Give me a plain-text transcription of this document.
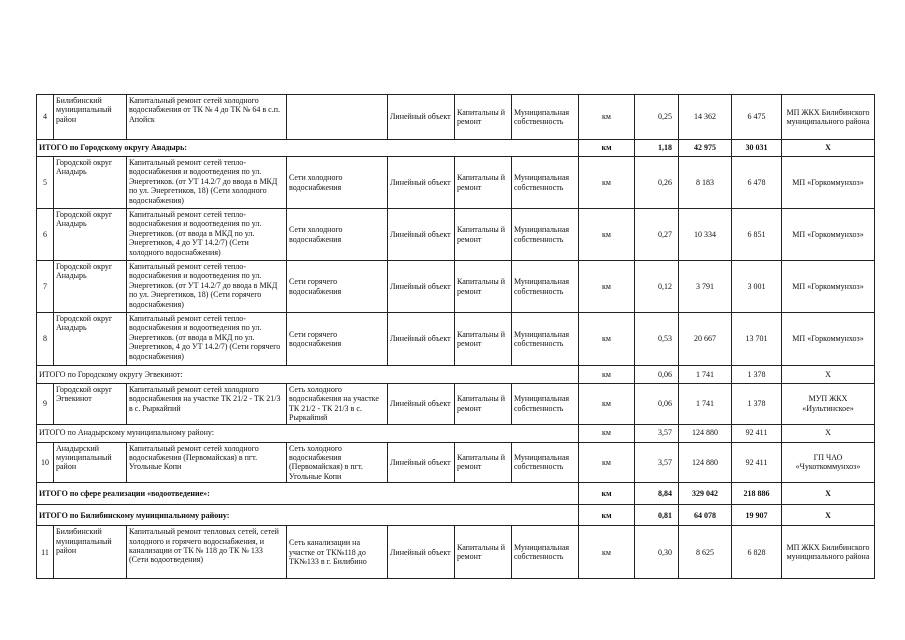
4	Билибинский муниципальный район	Капитальный ремонт сетей холодного водоснабжения от ТК № 4 до ТК № 64 в с.п. Апойск		Линейный объект	Капитальны й ремонт	Муниципальная собственность	км	0,25	14 362	6 475	МП ЖКХ Билибинского муниципального района
ИТОГО по Городскому округу Анадырь:							км	1,18	42 975	30 031	Х
5	Городской округ Анадырь	Капитальный ремонт сетей тепло-водоснабжения и водоотведения по ул. Энергетиков. (от УТ 14.2/7 до ввода в МКД по ул. Энергетиков, 18) (Сети холодного водоснабжения)	Сети холодного водоснабжения	Линейный объект	Капитальны й ремонт	Муниципальная собственность	км	0,26	8 183	6 478	МП «Горкоммунхоз»
6	Городской округ Анадырь	Капитальный ремонт сетей тепло-водоснабжения и водоотведения по ул. Энергетиков. (от ввода в МКД по ул. Энергетиков, 4 до УТ 14.2/7) (Сети холодного водоснабжения)	Сети холодного водоснабжения	Линейный объект	Капитальны й ремонт	Муниципальная собственность	км	0,27	10 334	6 851	МП «Горкоммунхоз»
7	Городской округ Анадырь	Капитальный ремонт сетей тепло-водоснабжения и водоотведения по ул. Энергетиков. (от УТ 14.2/7 до ввода в МКД по ул. Энергетиков, 18) (Сети горячего водоснабжения)	Сети горячего водоснабжения	Линейный объект	Капитальны й ремонт	Муниципальная собственность	км	0,12	3 791	3 001	МП «Горкоммунхоз»
8	Городской округ Анадырь	Капитальный ремонт сетей тепло-водоснабжения и водоотведения по ул. Энергетиков. (от ввода в МКД по ул. Энергетиков, 4 до УТ 14.2/7) (Сети горячего водоснабжения)	Сети горячего водоснабжения	Линейный объект	Капитальны й ремонт	Муниципальная собственность	км	0,53	20 667	13 701	МП «Горкоммунхоз»
ИТОГО по Городскому округу Эгвекинот:							км	0,06	1 741	1 378	Х
9	Городской округ Эгвекинот	Капитальный ремонт сетей холодного водоснабжения на участке ТК 21/2 - ТК 21/3 в с. Рыркайпий	Сеть холодного водоснабжения на участке ТК 21/2 - ТК 21/3 в с. Рыркайпий	Линейный объект	Капитальны й ремонт	Муниципальная собственность	км	0,06	1 741	1 378	МУП ЖКХ «Иультинское»
ИТОГО по Анадырскому муниципальному району:							км	3,57	124 880	92 411	Х
10	Анадырский муниципальный район	Капитальный ремонт сетей холодного водоснабжения (Первомайская) в пгт. Угольные Копи	Сеть холодного водоснабжения (Первомайская) в пгт. Угольные Копи	Линейный объект	Капитальны й ремонт	Муниципальная собственность	км	3,57	124 880	92 411	ГП ЧАО «Чукоткоммунхоз»
ИТОГО по сфере реализации «водоотведение»:							км	8,84	329 042	218 886	Х
ИТОГО по Билибинскому муниципальному району:							км	0,81	64 078	19 907	Х
11	Билибинский муниципальный район	Капитальный ремонт тепловых сетей, сетей холодного и горячего водоснабжения, и канализации от ТК № 118 до ТК № 133 (Сети водоотведения)	Сеть канализации на участке от ТК№118 до ТК№133 в г. Билибино	Линейный объект	Капитальны й ремонт	Муниципальная собственность	км	0,30	8 625	6 828	МП ЖКХ Билибинского муниципального района
